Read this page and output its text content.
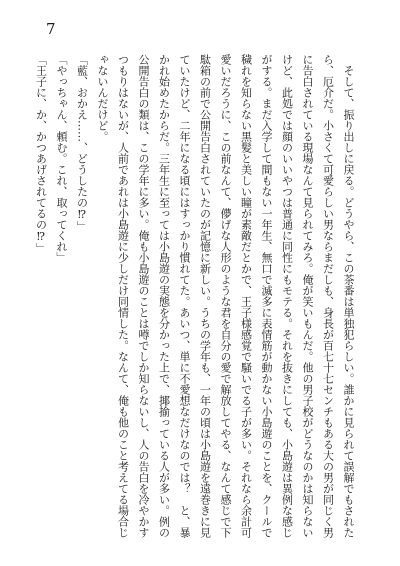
7

そして、振り出しに戻る。どうやら、この茶番は単独犯らしい。誰かに見られて誤解でもされたら、厄介だ。小さくて可愛らしい男ならまだしも、身長が百七十七センチもある大の男が同じく男に告白されている現場なんて見られてみろ。俺が笑いもんだ。他の男子校がどうなのかは知らないけど、此処では顔のいいやつは普通に同性にもモテる。それを抜きにしても、小島遊は異例な感じがする。まだ入学して間もない一年生、無口で滅多に表情筋が動かない小島遊のことを、クールで穢れを知らない黒髪と美しい瞳が素敵だとかで、王子様感覚で騒いでる子が多い。それなら余計可愛いだろうに、この前なんて、儚げな人形のような君を自分の愛で解放してやる、なんて感じで下駄箱の前で公開告白されていたのが記憶に新しい。うちの学年も、一年の頃は小島遊を遠巻きに見ていたけど、二年になる頃にはすっかり慣れてた。あいつ、単に不愛想なだけなのでは？　と、暴かれ始めたからだ。三年生に至っては小島遊の実態を分かった上で、揶揄っている人が多い。例の公開告白の類は、この学年に多い。俺も小島遊のことは噂でしか知らないし、人の告白を冷やかすつもりはないが、人前であれは小島遊に少しだけ同情した。なんて、俺も他のこと考えてる場合じゃないんだけど。

「藍、おかえ……、どうしたの⁉」

「やっちゃん、頼む。これ、取ってくれ」

「王子に、か、かつあげされてるの⁉」
